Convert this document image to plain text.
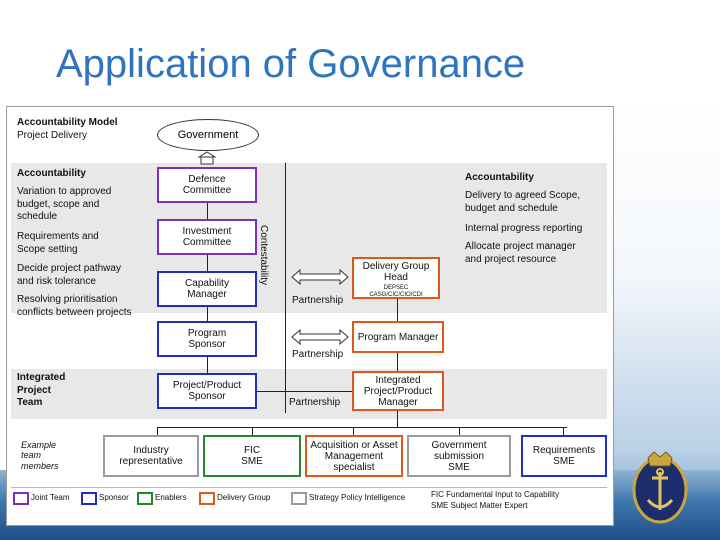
Application of Governance
Accountability Model
Project Delivery	Government
Accountability
Variation to approved
budget, scope and
schedule
Requirements and
Scope setting
Decide project pathway
and risk tolerance
Resolving prioritisation
conflicts between projects
Accountability
Delivery to agreed Scope,
budget and schedule
Internal progress reporting
Allocate project manager
and project resource
Defence
Committee
Investment
Committee
Capability
Manager
Program
Sponsor
Project/Product
Sponsor
Contestability	Delivery Group
Head
DEPSEC
CASG/CIC/CIO/CDI
Program Manager
Integrated
Project/Product
Manager
Partnership
Partnership
Partnership
Integrated
Project
Team
Example
team
members
Industry
representative
FIC
SME
Acquisition or Asset
Management
specialist
Government
submission
SME
Requirements
SME
Joint Team	Sponsor	Enablers	Delivery Group	Strategy Policy Intelligence	FIC Fundamental Input to Capability
SME Subject Matter Expert
